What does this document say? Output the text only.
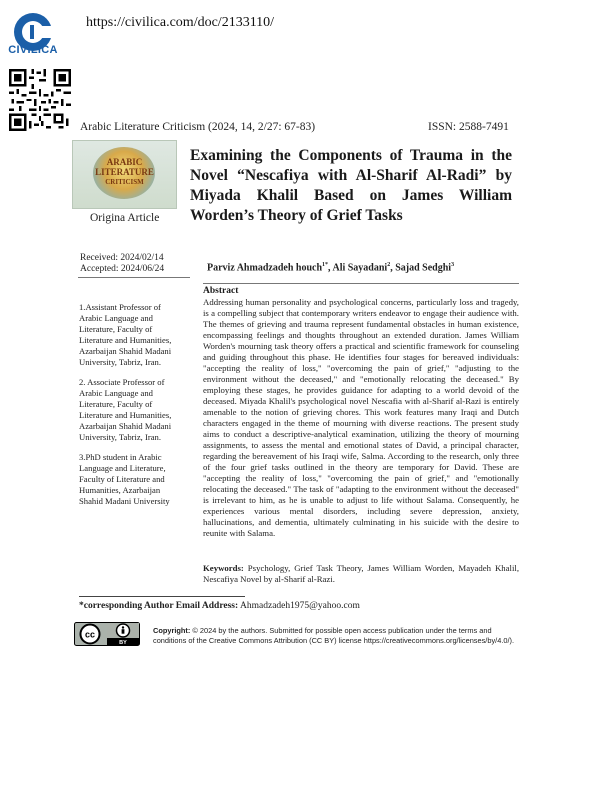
CIVILICA
https://civilica.com/doc/2133110/
Arabic Literature Criticism (2024, 14, 2/27: 67-83)	ISSN: 2588-7491
ARABIC
LITERATURE
CRITICISM
Origina Article
Examining the Components of Trauma in the Novel “Nescafiya with Al-Sharif Al-Radi” by Miyada Khalil Based on James William Worden’s Theory of Grief Tasks
Received: 2024/02/14
Accepted: 2024/06/24	Parviz Ahmadzadeh houch$^{1*}$, Ali Sayadani$^2$, Sajad Sedghi$^3$
1.Assistant Professor of Arabic Language and Literature, Faculty of Literature and Humanities, Azarbaijan Shahid Madani University, Tabriz, Iran.
2. Associate Professor of Arabic Language and Literature, Faculty of Literature and Humanities, Azarbaijan Shahid Madani University, Tabriz, Iran.
3.PhD student in Arabic Language and Literature, Faculty of Literature and Humanities, Azarbaijan Shahid Madani University
Abstract
Addressing human personality and psychological concerns, particularly loss and tragedy, is a compelling subject that contemporary writers endeavor to engage their audience with. The themes of grieving and trauma represent fundamental obstacles in human existence, encompassing feelings and thoughts throughout an extended duration. James William Worden's mourning task theory offers a practical and scientific framework for counseling and guiding throughout this phase. He identifies four stages for bereaved individuals: "accepting the reality of loss," "overcoming the pain of grief," "adjusting to the environment without the deceased," and "emotionally relocating the deceased." By employing these stages, he provides guidance for adapting to a world devoid of the deceased. Miyada Khalil's psychological novel Nescafia with al-Sharif al-Razi is entirely amenable to the notion of grieving chores. This work features many Iraqi and Dutch characters engaged in the theme of mourning with diverse reactions. The present study aims to conduct a descriptive-analytical examination, utilizing the theory of mourning assignments, to assess the mental and emotional states of David, a principal character, regarding the bereavement of his Iraqi wife, Salma. According to the research, only three of the four grief tasks outlined in the theory are temporary for David. These are "accepting the reality of loss," "overcoming the pain of grief," and "emotionally relocating the deceased." The task of "adapting to the environment without the deceased" is irrelevant to him, as he is unable to adjust to life without Salama. Consequently, he experiences various mental disorders, including severe depression, anxiety, hallucinations, and dementia, ultimately culminating in his suicide with the desire to reunite with Salama.
Keywords: Psychology, Grief Task Theory, James William Worden, Mayadeh Khalil, Nescafiya Novel by al-Sharif al-Razi.
*corresponding Author Email Address: Ahmadzadeh1975@yahoo.com
cc
BY
Copyright: © 2024 by the authors. Submitted for possible open access publication under the terms and conditions of the Creative Commons Attribution (CC BY) license https://creativecommons.org/licenses/by/4.0/).
